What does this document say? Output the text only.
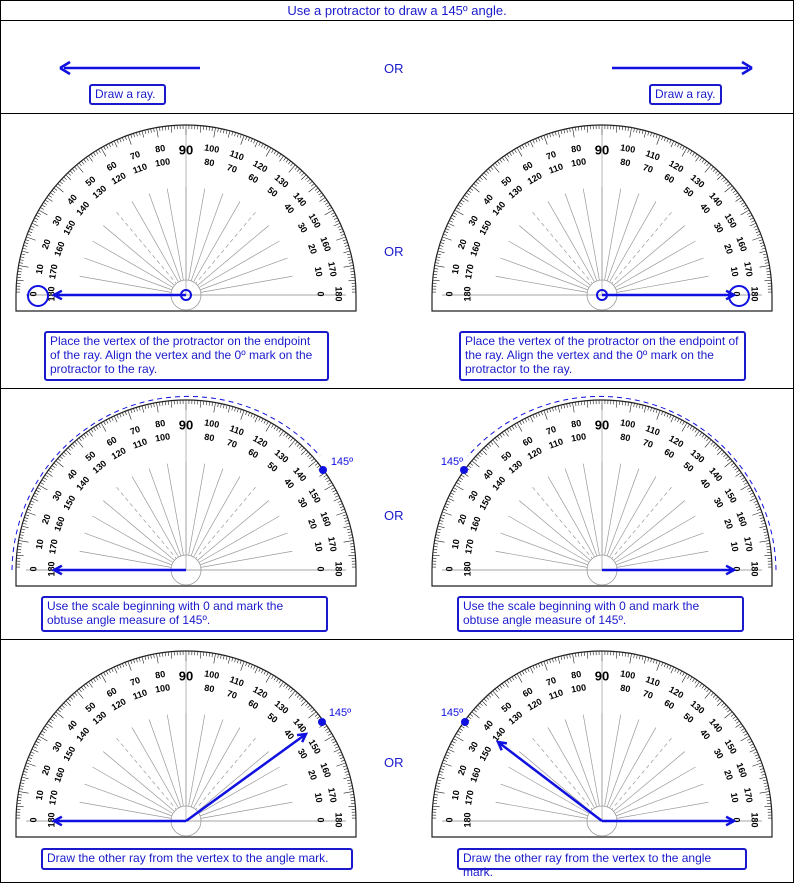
Use a protractor to draw a 145º angle.
OR
Draw a ray.	Draw a ray.
OR
Place the vertex of the protractor on the endpoint of the ray. Align the vertex and the 0º mark on the protractor to the ray.
Place the vertex of the protractor on the endpoint of the ray. Align the vertex and the 0º mark on the protractor to the ray.
OR
Use the scale beginning with 0 and mark the obtuse angle measure of 145º.
Use the scale beginning with 0 and mark the obtuse angle measure of 145º.
OR
Draw the other ray from the vertex to the angle mark.	Draw the other ray from the vertex to the angle mark.
10 170
20 160
30
150
40
140
50
130
60
120
70
110
80
100
100
80 110
70 120
60 130
50 140
40
150
30
160
20
170
10
90
0 180	180
0
10 170
20 160
30
150
40
140
50
130
60
120
70
110
80
100
100
80 110
70 120
60 130
50 140
40
150
30
160
20
170
10
90
0 180	180
0
10 170
20 160
30
150
40
140
50
130
60
120
70
110
80
100
100
80 110
70 120
60 130
50 140
40
150
30
160
20
170
10
90
0 180	180
0
145º
10 170
20 160
30
150
40
140
50
130
60
120
70
110
80
100
100
80 110
70 120
60 130
50 140
40
150
30
160
20
170
10
90
0 180	180
0
145º
10 170
20 160
30
150
40
140
50
130
60
120
70
110
80
100
100
80 110
70 120
60 130
50 140
40
150
30
160
20
170
10
90
0 180	180
0
145º
10 170
20 160
30
150
40
140
50
130
60
120
70
110
80
100
100
80 110
70 120
60 130
50 140
40
150
30
160
20
170
10
90
0 180	180
0
145º
